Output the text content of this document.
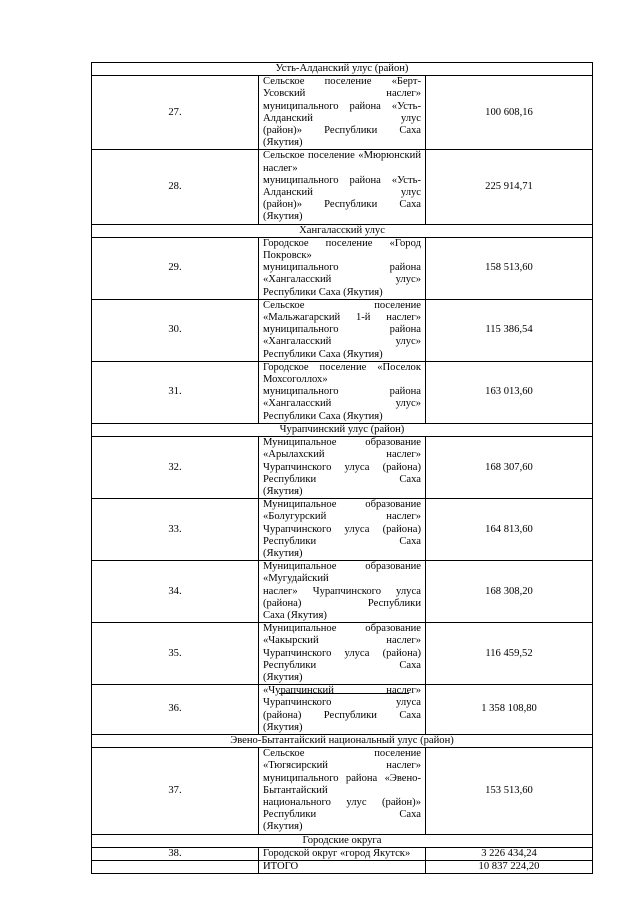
Усть-Алданский улус (район)		
27.	Сельское поселение «Берт-Усовский наслег»
муниципального района «Усть-Алданский улус
(район)» Республики Саха (Якутия)	100 608,16
28.	Сельское поселение «Мюрюнский наслег»
муниципального района «Усть-Алданский улус
(район)» Республики Саха (Якутия)	225 914,71
Хангаласский улус		
29.	Городское поселение «Город Покровск»
муниципального района «Хангаласский улус»
Республики Саха (Якутия)	158 513,60
30.	Сельское поселение «Мальжагарский 1-й наслег»
муниципального района «Хангаласский улус»
Республики Саха (Якутия)	115 386,54
31.	Городское поселение «Поселок Мохсоголлох»
муниципального района «Хангаласский улус»
Республики Саха (Якутия)	163 013,60
Чурапчинский улус (район)		
32.	Муниципальное образование «Арылахский наслег»
Чурапчинского улуса (района) Республики Саха
(Якутия)	168 307,60
33.	Муниципальное образование «Болугурский наслег»
Чурапчинского улуса (района) Республики Саха
(Якутия)	164 813,60
34.	Муниципальное образование «Мугудайский
наслег» Чурапчинского улуса (района) Республики
Саха (Якутия)	168 308,20
35.	Муниципальное образование «Чакырский наслег»
Чурапчинского улуса (района) Республики Саха
(Якутия)	116 459,52
36.	«Чурапчинский наслег» Чурапчинского улуса
(района) Республики Саха (Якутия)	1 358 108,80
Эвено-Бытантайский национальный улус (район)		
37.	Сельское поселение «Тюгясирский наслег»
муниципального района «Эвено-Бытантайский
национального улус (район)» Республики Саха
(Якутия)	153 513,60
Городские округа		
38.	Городской округ «город Якутск»	3 226 434,24
	ИТОГО	10 837 224,20
